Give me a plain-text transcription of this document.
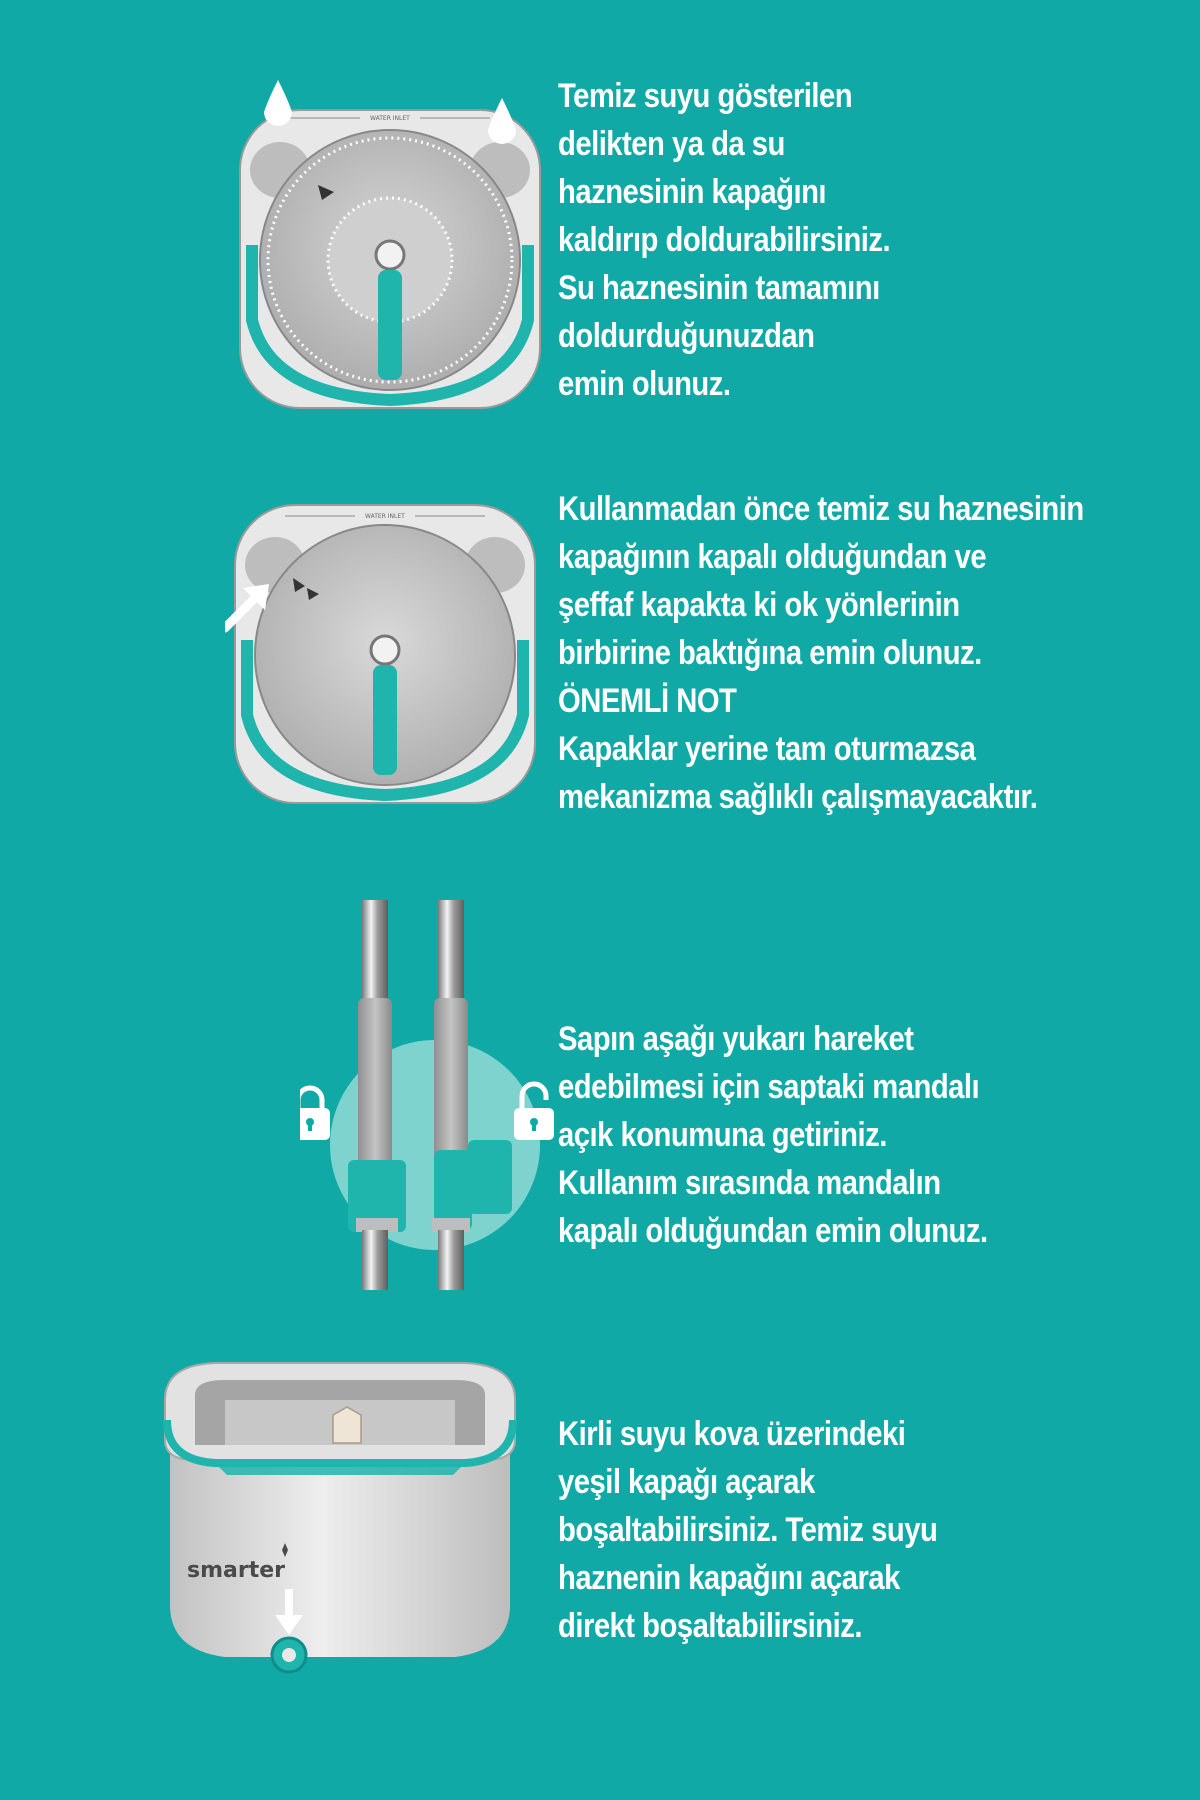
WATER INLET
Temiz suyu gösterilen
delikten ya da su
haznesinin kapağını
kaldırıp doldurabilirsiniz.
Su haznesinin tamamını
doldurduğunuzdan
emin olunuz.
WATER INLET	Kullanmadan önce temiz su haznesinin
kapağının kapalı olduğundan ve
şeffaf kapakta ki ok yönlerinin
birbirine baktığına emin olunuz.
ÖNEMLİ NOT
Kapaklar yerine tam oturmazsa
mekanizma sağlıklı çalışmayacaktır.
Sapın aşağı yukarı hareket
edebilmesi için saptaki mandalı
açık konumuna getiriniz.
Kullanım sırasında mandalın
kapalı olduğundan emin olunuz.
smarter
Kirli suyu kova üzerindeki
yeşil kapağı açarak
boşaltabilirsiniz. Temiz suyu
haznenin kapağını açarak
direkt boşaltabilirsiniz.
